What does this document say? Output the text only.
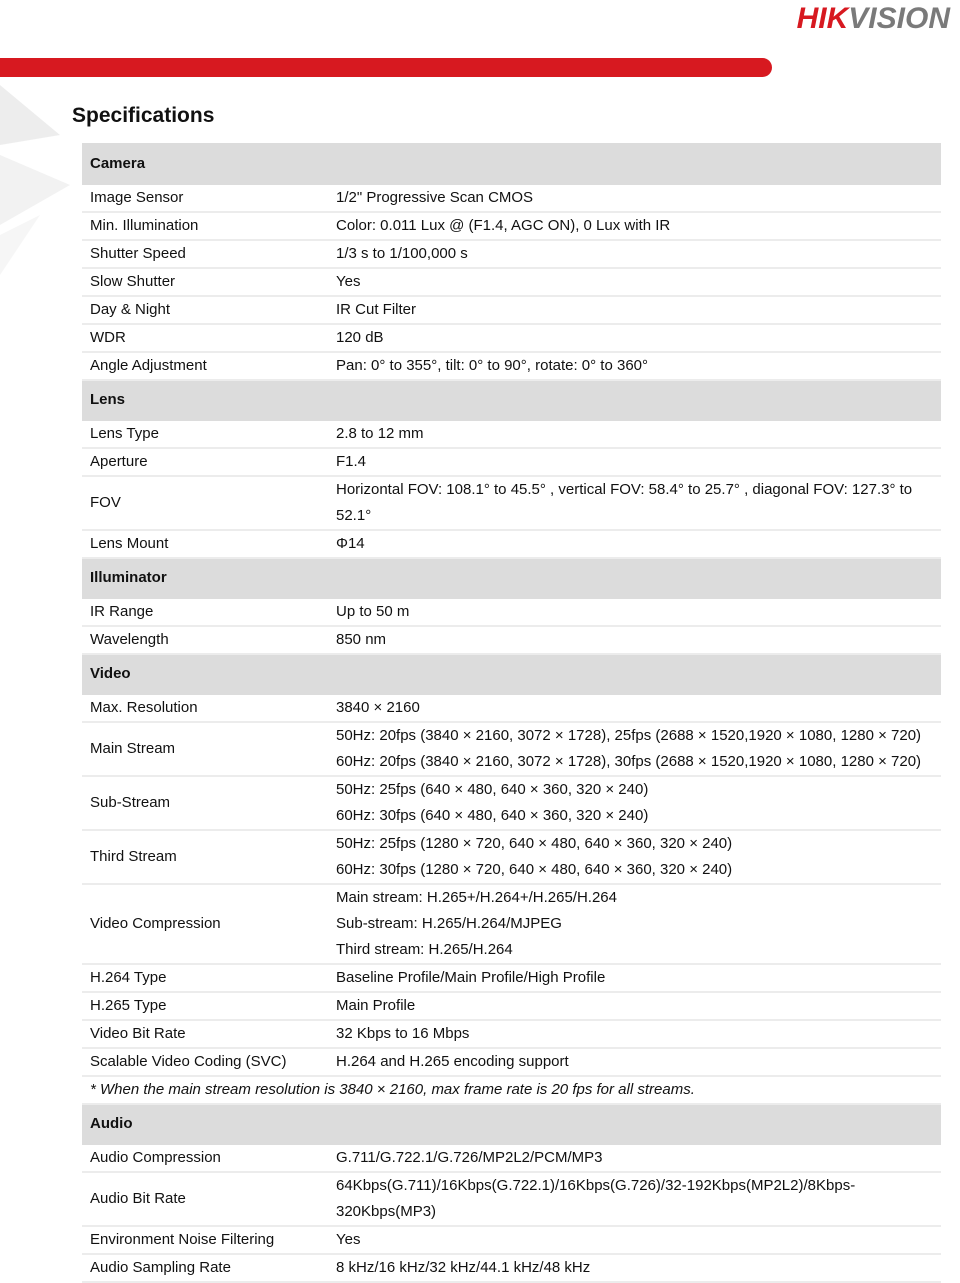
HIKVISION
Specifications
Camera	
Image Sensor	1/2" Progressive Scan CMOS

Min. Illumination	Color: 0.011 Lux @ (F1.4, AGC ON), 0 Lux with IR

Shutter Speed	1/3 s to 1/100,000 s

Slow Shutter	Yes

Day & Night	IR Cut Filter

WDR	120 dB

Angle Adjustment	Pan: 0° to 355°, tilt: 0° to 90°, rotate: 0° to 360°

Lens	
Lens Type	2.8 to 12 mm

Aperture	F1.4

FOV	Horizontal FOV: 108.1° to 45.5° , vertical FOV: 58.4° to 25.7° , diagonal FOV: 127.3° to 52.1°

Lens Mount	Φ14

Illuminator	
IR Range	Up to 50 m

Wavelength	850 nm

Video	
Max. Resolution	3840 × 2160

Main Stream	50Hz: 20fps (3840 × 2160, 3072 × 1728), 25fps (2688 × 1520,1920 × 1080, 1280 × 720)
60Hz: 20fps (3840 × 2160, 3072 × 1728), 30fps (2688 × 1520,1920 × 1080, 1280 × 720)

Sub-Stream	50Hz: 25fps (640 × 480, 640 × 360, 320 × 240)
60Hz: 30fps (640 × 480, 640 × 360, 320 × 240)

Third Stream	50Hz: 25fps (1280 × 720, 640 × 480, 640 × 360, 320 × 240)
60Hz: 30fps (1280 × 720, 640 × 480, 640 × 360, 320 × 240)

Video Compression	Main stream: H.265+/H.264+/H.265/H.264
Sub-stream: H.265/H.264/MJPEG
Third stream: H.265/H.264

H.264 Type	Baseline Profile/Main Profile/High Profile

H.265 Type	Main Profile

Video Bit Rate	32 Kbps to 16 Mbps

Scalable Video Coding (SVC)	H.264 and H.265 encoding support

* When the main stream resolution is 3840 × 2160, max frame rate is 20 fps for all streams.	
Audio	
Audio Compression	G.711/G.722.1/G.726/MP2L2/PCM/MP3

Audio Bit Rate	64Kbps(G.711)/16Kbps(G.722.1)/16Kbps(G.726)/32-192Kbps(MP2L2)/8Kbps-320Kbps(MP3)

Environment Noise Filtering	Yes

Audio Sampling Rate	8 kHz/16 kHz/32 kHz/44.1 kHz/48 kHz
